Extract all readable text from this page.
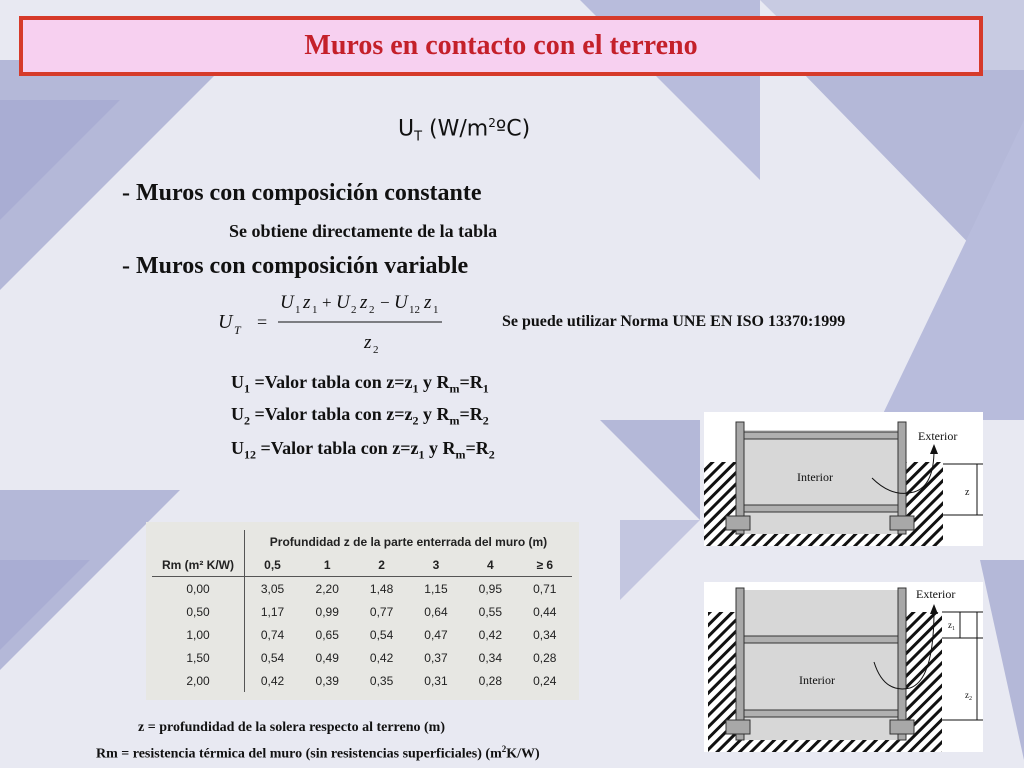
Muros en contacto con el terreno
$U_T$ $(W/m^2ºC)$
- Muros con composición constante
Se obtiene directamente de la tabla
- Muros con composición variable
U T =
U 1 z 1 + U 2 z 2 − U 12 z 1
z 2
Se puede utilizar Norma UNE EN ISO 13370:1999
$U_1$ =Valor tabla con $z=z_1$ y $R_m=R_1$
$U_2$ =Valor tabla con $z=z_2$ y $R_m=R_2$
$U_{12}$ =Valor tabla con $z=z_1$ y $R_m=R_2$
	Profundidad z de la parte enterrada del muro (m)					
Rm (m² K/W)	0,5	1	2	3	4	≥ 6
0,00	3,05	2,20	1,48	1,15	0,95	0,71
0,50	1,17	0,99	0,77	0,64	0,55	0,44
1,00	0,74	0,65	0,54	0,47	0,42	0,34
1,50	0,54	0,49	0,42	0,37	0,34	0,28
2,00	0,42	0,39	0,35	0,31	0,28	0,24
z = profundidad de la solera respecto al terreno (m)
Rm = resistencia térmica del muro (sin resistencias superficiales) $(m^2K/W)$
Exterior
Interior
z
Exterior
Interior
$z_1$
$z_2$
